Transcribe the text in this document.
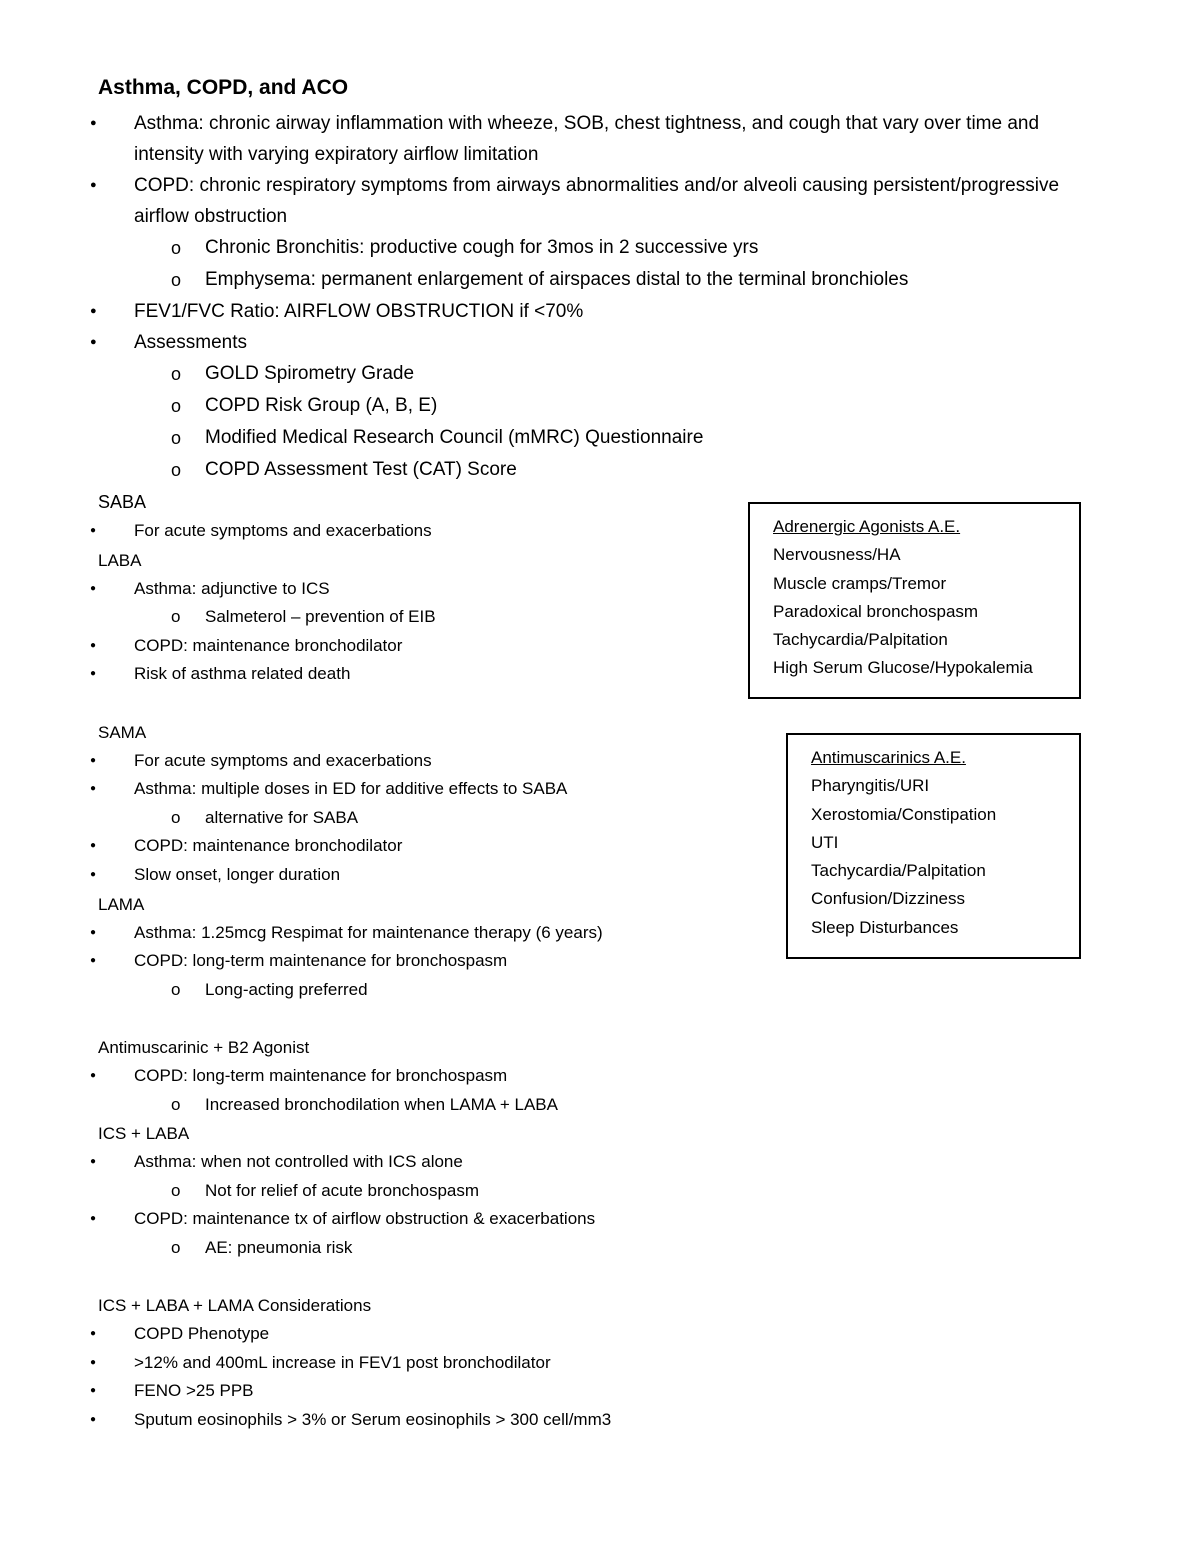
Asthma, COPD, and ACO
● Asthma: chronic airway inflammation with wheeze, SOB, chest tightness, and cough that vary over time and intensity with varying expiratory airflow limitation
● COPD: chronic respiratory symptoms from airways abnormalities and/or alveoli causing persistent/progressive airflow obstruction
o Chronic Bronchitis: productive cough for 3mos in 2 successive yrs
o Emphysema: permanent enlargement of airspaces distal to the terminal bronchioles
● FEV1/FVC Ratio: AIRFLOW OBSTRUCTION if <70%
● Assessments
o GOLD Spirometry Grade
o COPD Risk Group (A, B, E)
o Modified Medical Research Council (mMRC) Questionnaire
o COPD Assessment Test (CAT) Score
SABA
● For acute symptoms and exacerbations
LABA
● Asthma: adjunctive to ICS
o Salmeterol – prevention of EIB
● COPD: maintenance bronchodilator
● Risk of asthma related death
SAMA
● For acute symptoms and exacerbations
● Asthma: multiple doses in ED for additive effects to SABA
o alternative for SABA
● COPD: maintenance bronchodilator
● Slow onset, longer duration
LAMA
● Asthma: 1.25mcg Respimat for maintenance therapy (6 years)
● COPD: long-term maintenance for bronchospasm
o Long-acting preferred
Antimuscarinic + B2 Agonist
● COPD: long-term maintenance for bronchospasm
o Increased bronchodilation when LAMA + LABA
ICS + LABA
● Asthma: when not controlled with ICS alone
o Not for relief of acute bronchospasm
● COPD: maintenance tx of airflow obstruction & exacerbations
o AE: pneumonia risk
ICS + LABA + LAMA Considerations
● COPD Phenotype
● >12% and 400mL increase in FEV1 post bronchodilator
● FENO >25 PPB
● Sputum eosinophils > 3% or Serum eosinophils > 300 cell/mm3
Adrenergic Agonists A.E.
Nervousness/HA
Muscle cramps/Tremor
Paradoxical bronchospasm
Tachycardia/Palpitation
High Serum Glucose/Hypokalemia
Antimuscarinics A.E.
Pharyngitis/URI
Xerostomia/Constipation
UTI
Tachycardia/Palpitation
Confusion/Dizziness
Sleep Disturbances
